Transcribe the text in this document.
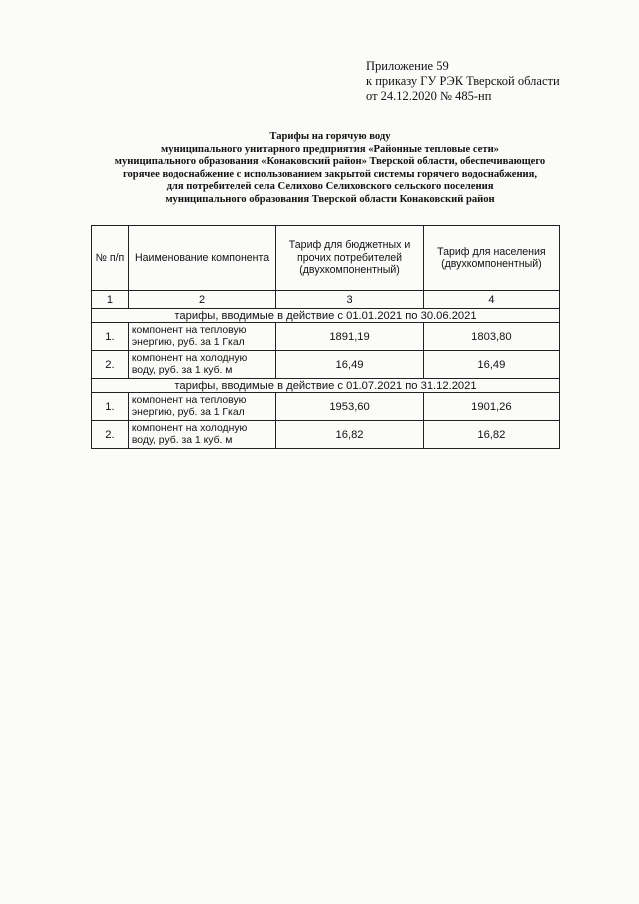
Приложение 59
к приказу ГУ РЭК Тверской области
от 24.12.2020 № 485-нп
Тарифы на горячую воду
муниципального унитарного предприятия «Районные тепловые сети»
муниципального образования «Конаковский район» Тверской области, обеспечивающего
горячее водоснабжение с использованием закрытой системы горячего водоснабжения,
для потребителей села Селихово Селиховского сельского поселения
муниципального образования Тверской области Конаковский район
№ п/п	Наименование компонента	Тариф для бюджетных и прочих потребителей (двухкомпонентный)	Тариф для населения (двухкомпонентный)
1	2	3	4
тарифы, вводимые в действие с 01.01.2021 по 30.06.2021			
1.	компонент на тепловую энергию, руб. за 1 Гкал	1891,19	1803,80
2.	компонент на холодную воду, руб. за 1 куб. м	16,49	16,49
тарифы, вводимые в действие с 01.07.2021 по 31.12.2021			
1.	компонент на тепловую энергию, руб. за 1 Гкал	1953,60	1901,26
2.	компонент на холодную воду, руб. за 1 куб. м	16,82	16,82
